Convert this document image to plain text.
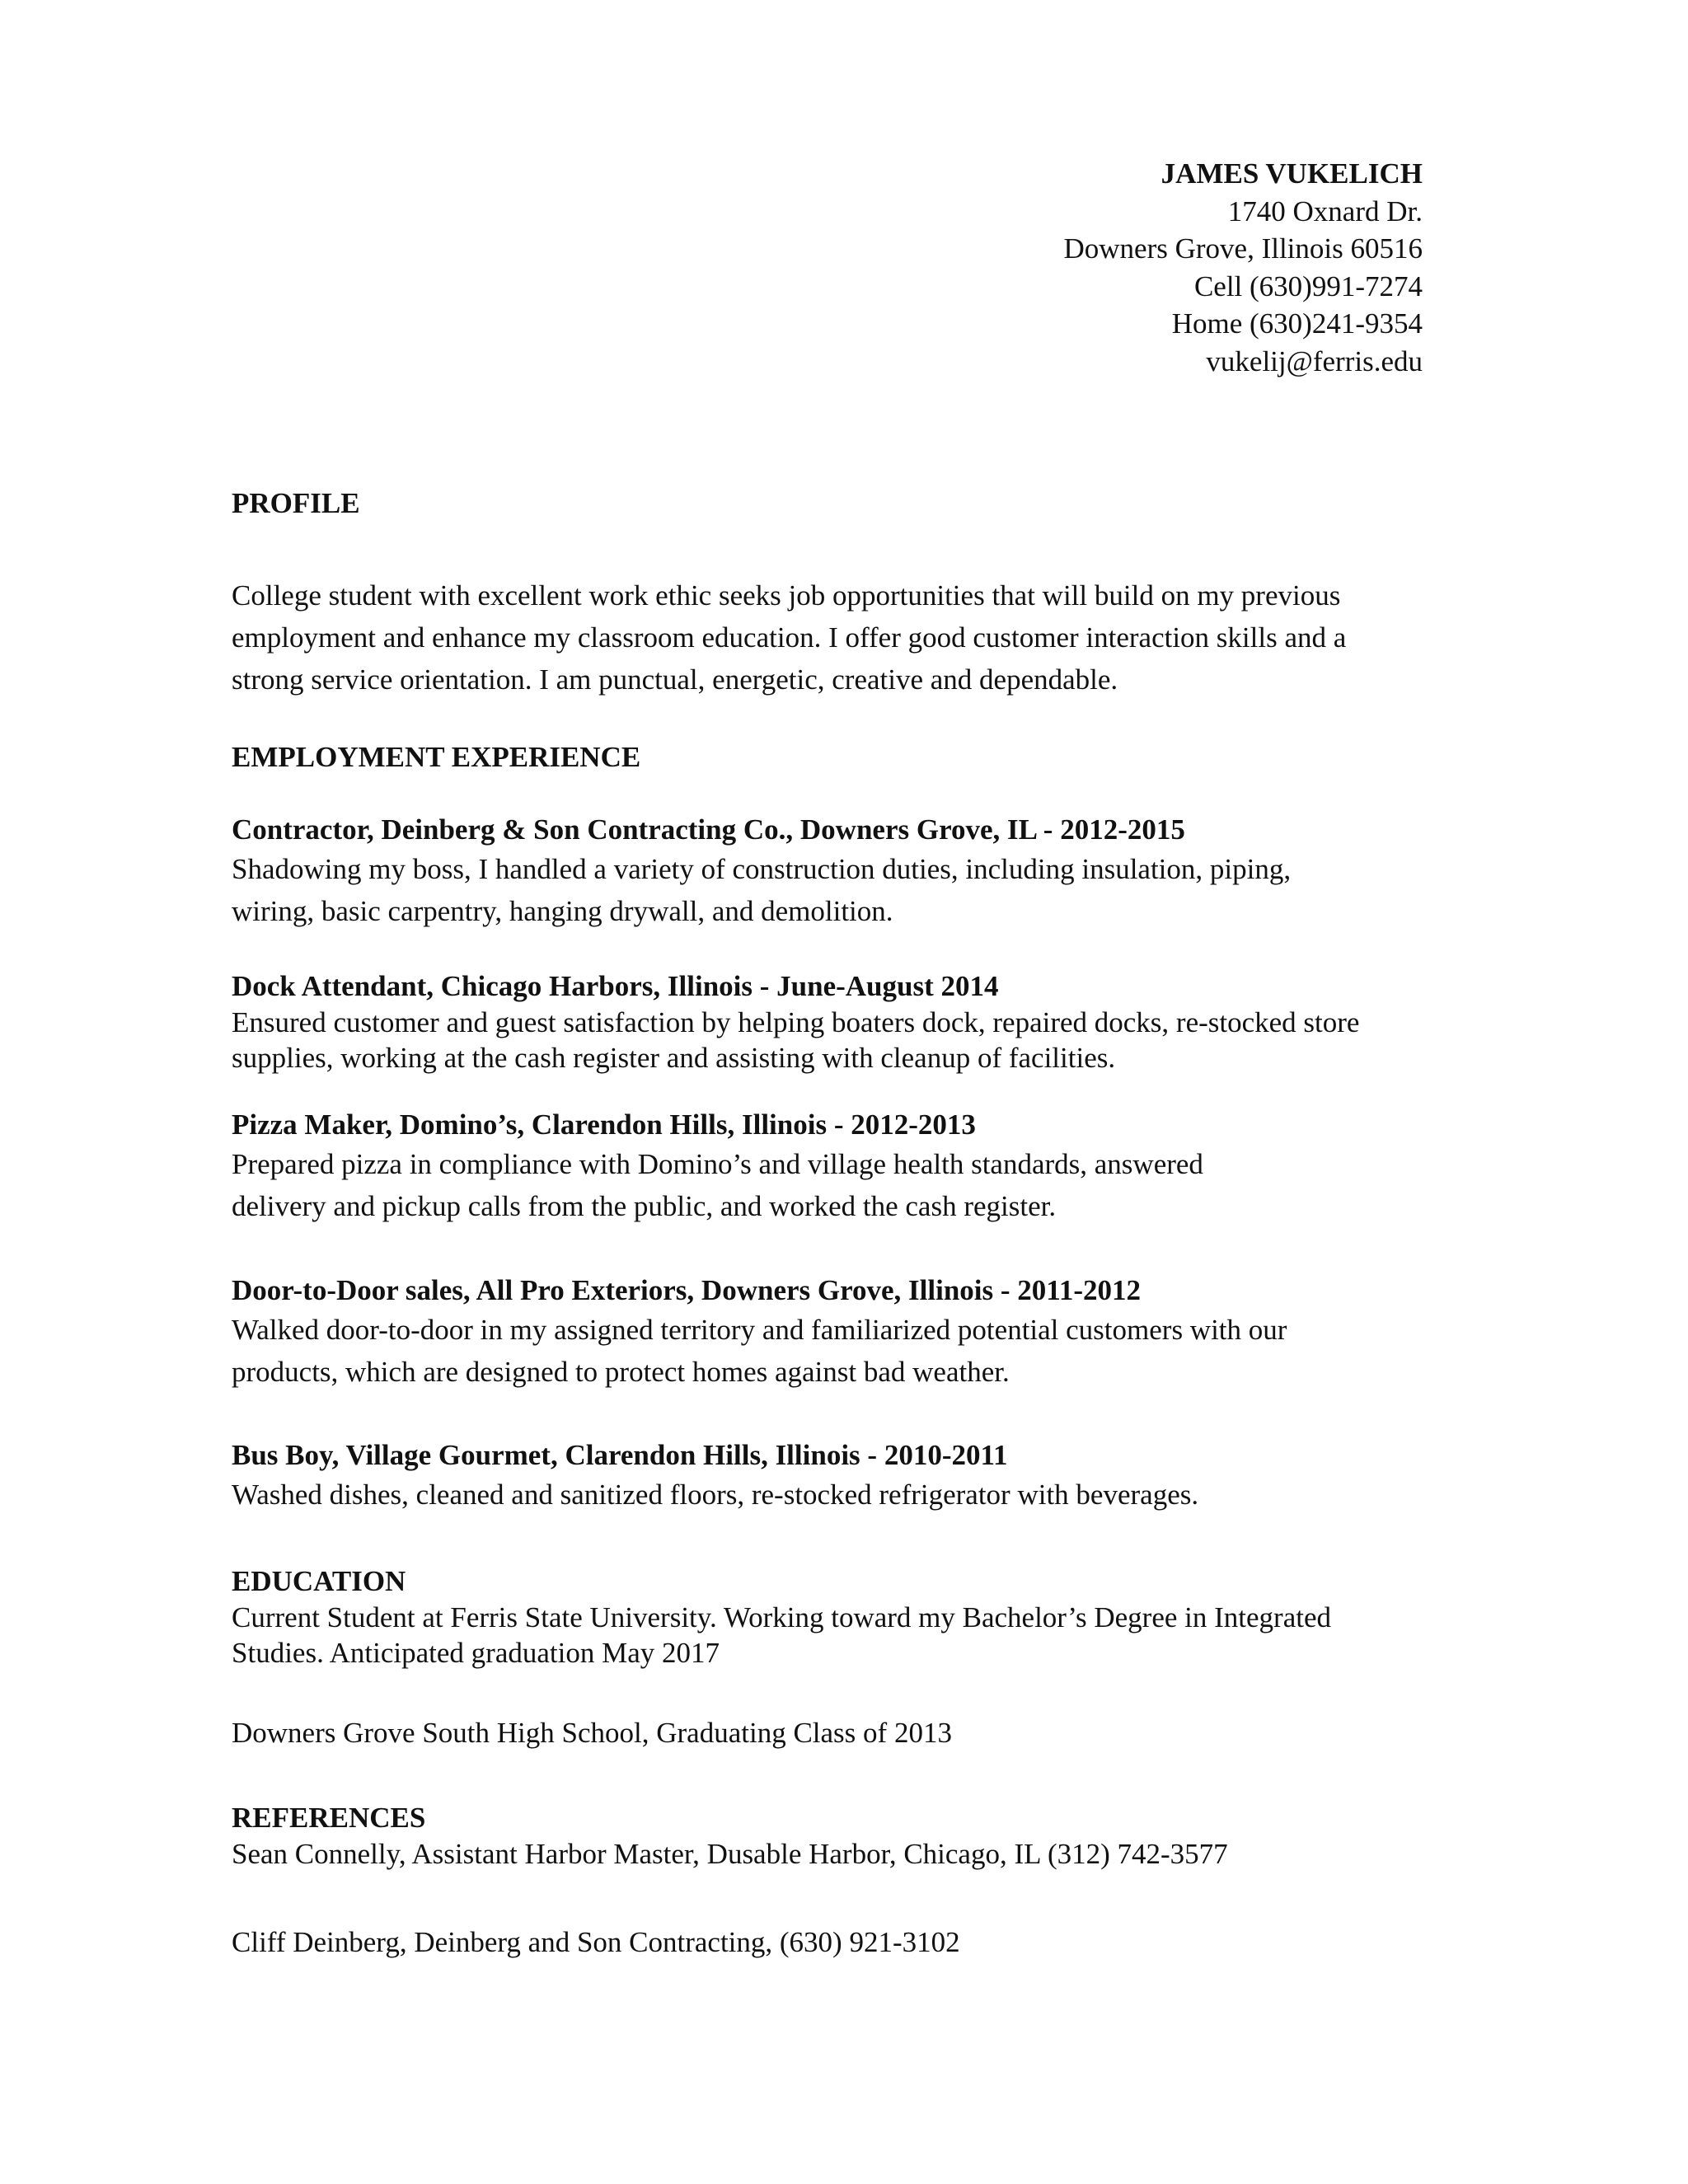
JAMES VUKELICH
1740 Oxnard Dr.
Downers Grove, Illinois 60516
Cell (630)991-7274
Home (630)241-9354
vukelij@ferris.edu
PROFILE
College student with excellent work ethic seeks job opportunities that will build on my previous
employment and enhance my classroom education. I offer good customer interaction skills and a
strong service orientation. I am punctual, energetic, creative and dependable.
EMPLOYMENT EXPERIENCE
Contractor, Deinberg & Son Contracting Co., Downers Grove, IL - 2012-2015
Shadowing my boss, I handled a variety of construction duties, including insulation, piping,
wiring, basic carpentry, hanging drywall, and demolition.
Dock Attendant, Chicago Harbors, Illinois - June-August 2014
Ensured customer and guest satisfaction by helping boaters dock, repaired docks, re-stocked store
supplies, working at the cash register and assisting with cleanup of facilities.
Pizza Maker, Domino’s, Clarendon Hills, Illinois - 2012-2013
Prepared pizza in compliance with Domino’s and village health standards, answered
delivery and pickup calls from the public, and worked the cash register.
Door-to-Door sales, All Pro Exteriors, Downers Grove, Illinois - 2011-2012
Walked door-to-door in my assigned territory and familiarized potential customers with our
products, which are designed to protect homes against bad weather.
Bus Boy, Village Gourmet, Clarendon Hills, Illinois - 2010-2011
Washed dishes, cleaned and sanitized floors, re-stocked refrigerator with beverages.
EDUCATION
Current Student at Ferris State University. Working toward my Bachelor’s Degree in Integrated
Studies. Anticipated graduation May 2017
Downers Grove South High School, Graduating Class of 2013
REFERENCES
Sean Connelly, Assistant Harbor Master, Dusable Harbor, Chicago, IL (312) 742-3577
Cliff Deinberg, Deinberg and Son Contracting, (630) 921-3102
